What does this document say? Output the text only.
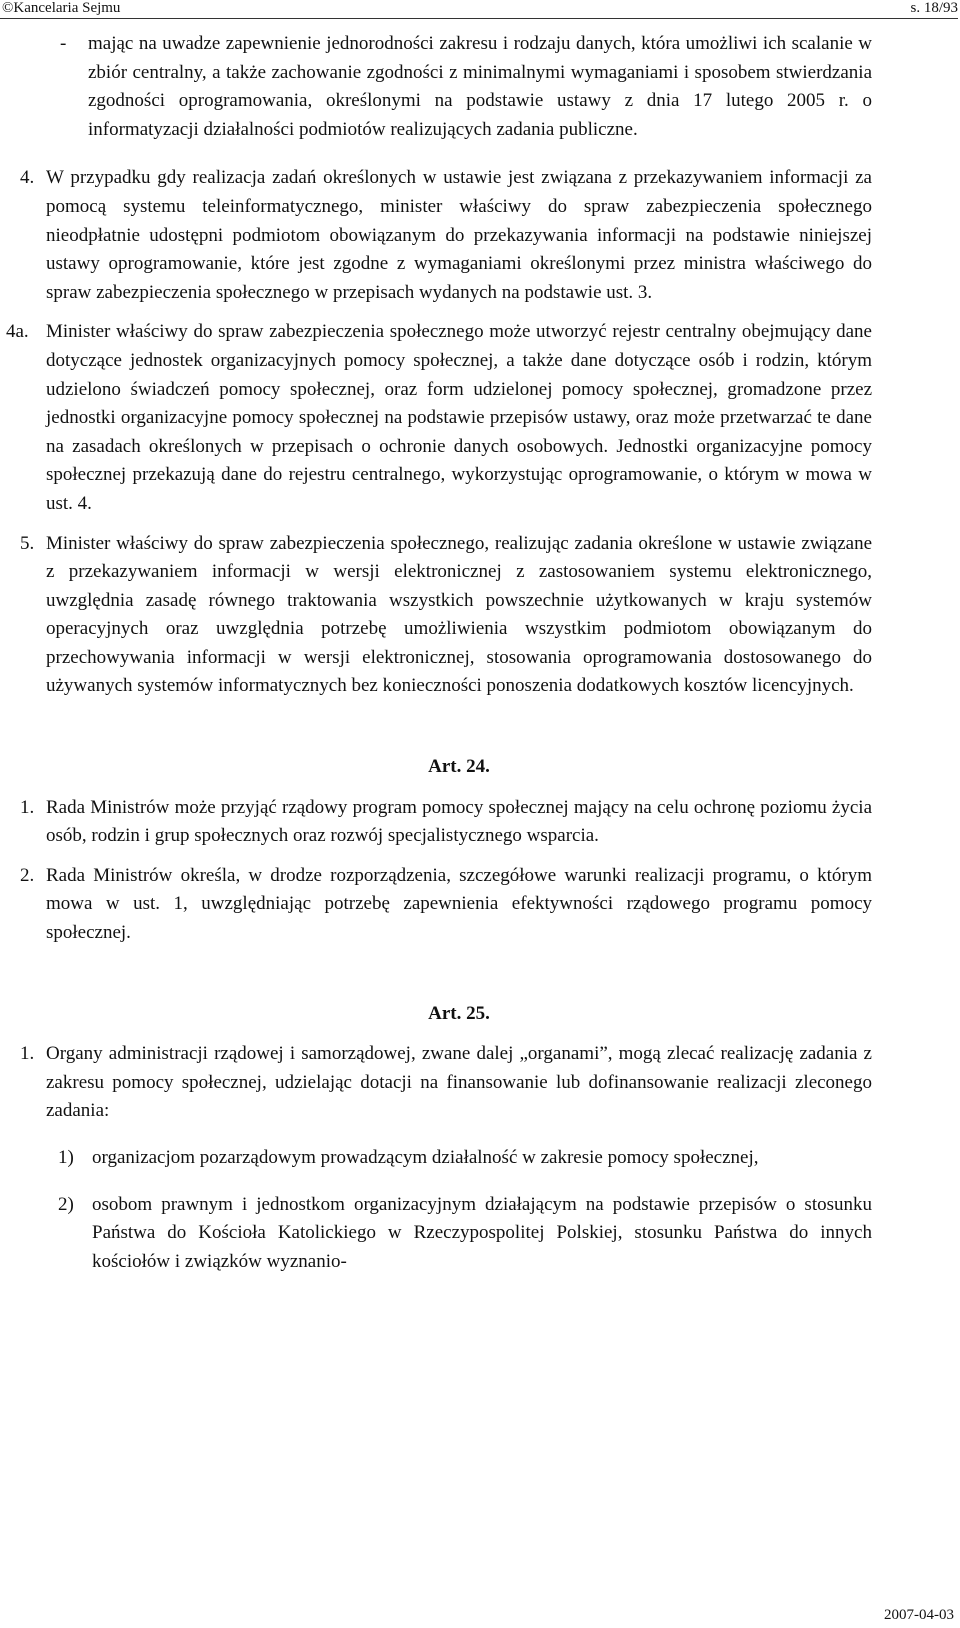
©Kancelaria Sejmu	s. 18/93
- mając na uwadze zapewnienie jednorodności zakresu i rodzaju danych, która umożliwi ich scalanie w zbiór centralny, a także zachowanie zgodności z minimalnymi wymaganiami i sposobem stwierdzania zgodności oprogramowania, określonymi na podstawie ustawy z dnia 17 lutego 2005 r. o informatyzacji działalności podmiotów realizujących zadania publiczne.

4. W przypadku gdy realizacja zadań określonych w ustawie jest związana z przekazywaniem informacji za pomocą systemu teleinformatycznego, minister właściwy do spraw zabezpieczenia społecznego nieodpłatnie udostępni podmiotom obowiązanym do przekazywania informacji na podstawie niniejszej ustawy oprogramowanie, które jest zgodne z wymaganiami określonymi przez ministra właściwego do spraw zabezpieczenia społecznego w przepisach wydanych na podstawie ust. 3.

4a. Minister właściwy do spraw zabezpieczenia społecznego może utworzyć rejestr centralny obejmujący dane dotyczące jednostek organizacyjnych pomocy społecznej, a także dane dotyczące osób i rodzin, którym udzielono świadczeń pomocy społecznej, oraz form udzielonej pomocy społecznej, gromadzone przez jednostki organizacyjne pomocy społecznej na podstawie przepisów ustawy, oraz może przetwarzać te dane na zasadach określonych w przepisach o ochronie danych osobowych. Jednostki organizacyjne pomocy społecznej przekazują dane do rejestru centralnego, wykorzystując oprogramowanie, o którym w mowa w ust. 4.

5. Minister właściwy do spraw zabezpieczenia społecznego, realizując zadania określone w ustawie związane z przekazywaniem informacji w wersji elektronicznej z zastosowaniem systemu elektronicznego, uwzględnia zasadę równego traktowania wszystkich powszechnie użytkowanych w kraju systemów operacyjnych oraz uwzględnia potrzebę umożliwienia wszystkim podmiotom obowiązanym do przechowywania informacji w wersji elektronicznej, stosowania oprogramowania dostosowanego do używanych systemów informatycznych bez konieczności ponoszenia dodatkowych kosztów licencyjnych.

Art. 24.

1. Rada Ministrów może przyjąć rządowy program pomocy społecznej mający na celu ochronę poziomu życia osób, rodzin i grup społecznych oraz rozwój specjalistycznego wsparcia.

2. Rada Ministrów określa, w drodze rozporządzenia, szczegółowe warunki realizacji programu, o którym mowa w ust. 1, uwzględniając potrzebę zapewnienia efektywności rządowego programu pomocy społecznej.

Art. 25.

1. Organy administracji rządowej i samorządowej, zwane dalej „organami”, mogą zlecać realizację zadania z zakresu pomocy społecznej, udzielając dotacji na finansowanie lub dofinansowanie realizacji zleconego zadania:

1) organizacjom pozarządowym prowadzącym działalność w zakresie pomocy społecznej,
2) osobom prawnym i jednostkom organizacyjnym działającym na podstawie przepisów o stosunku Państwa do Kościoła Katolickiego w Rzeczypospolitej Polskiej, stosunku Państwa do innych kościołów i związków wyznanio-
2007-04-03
